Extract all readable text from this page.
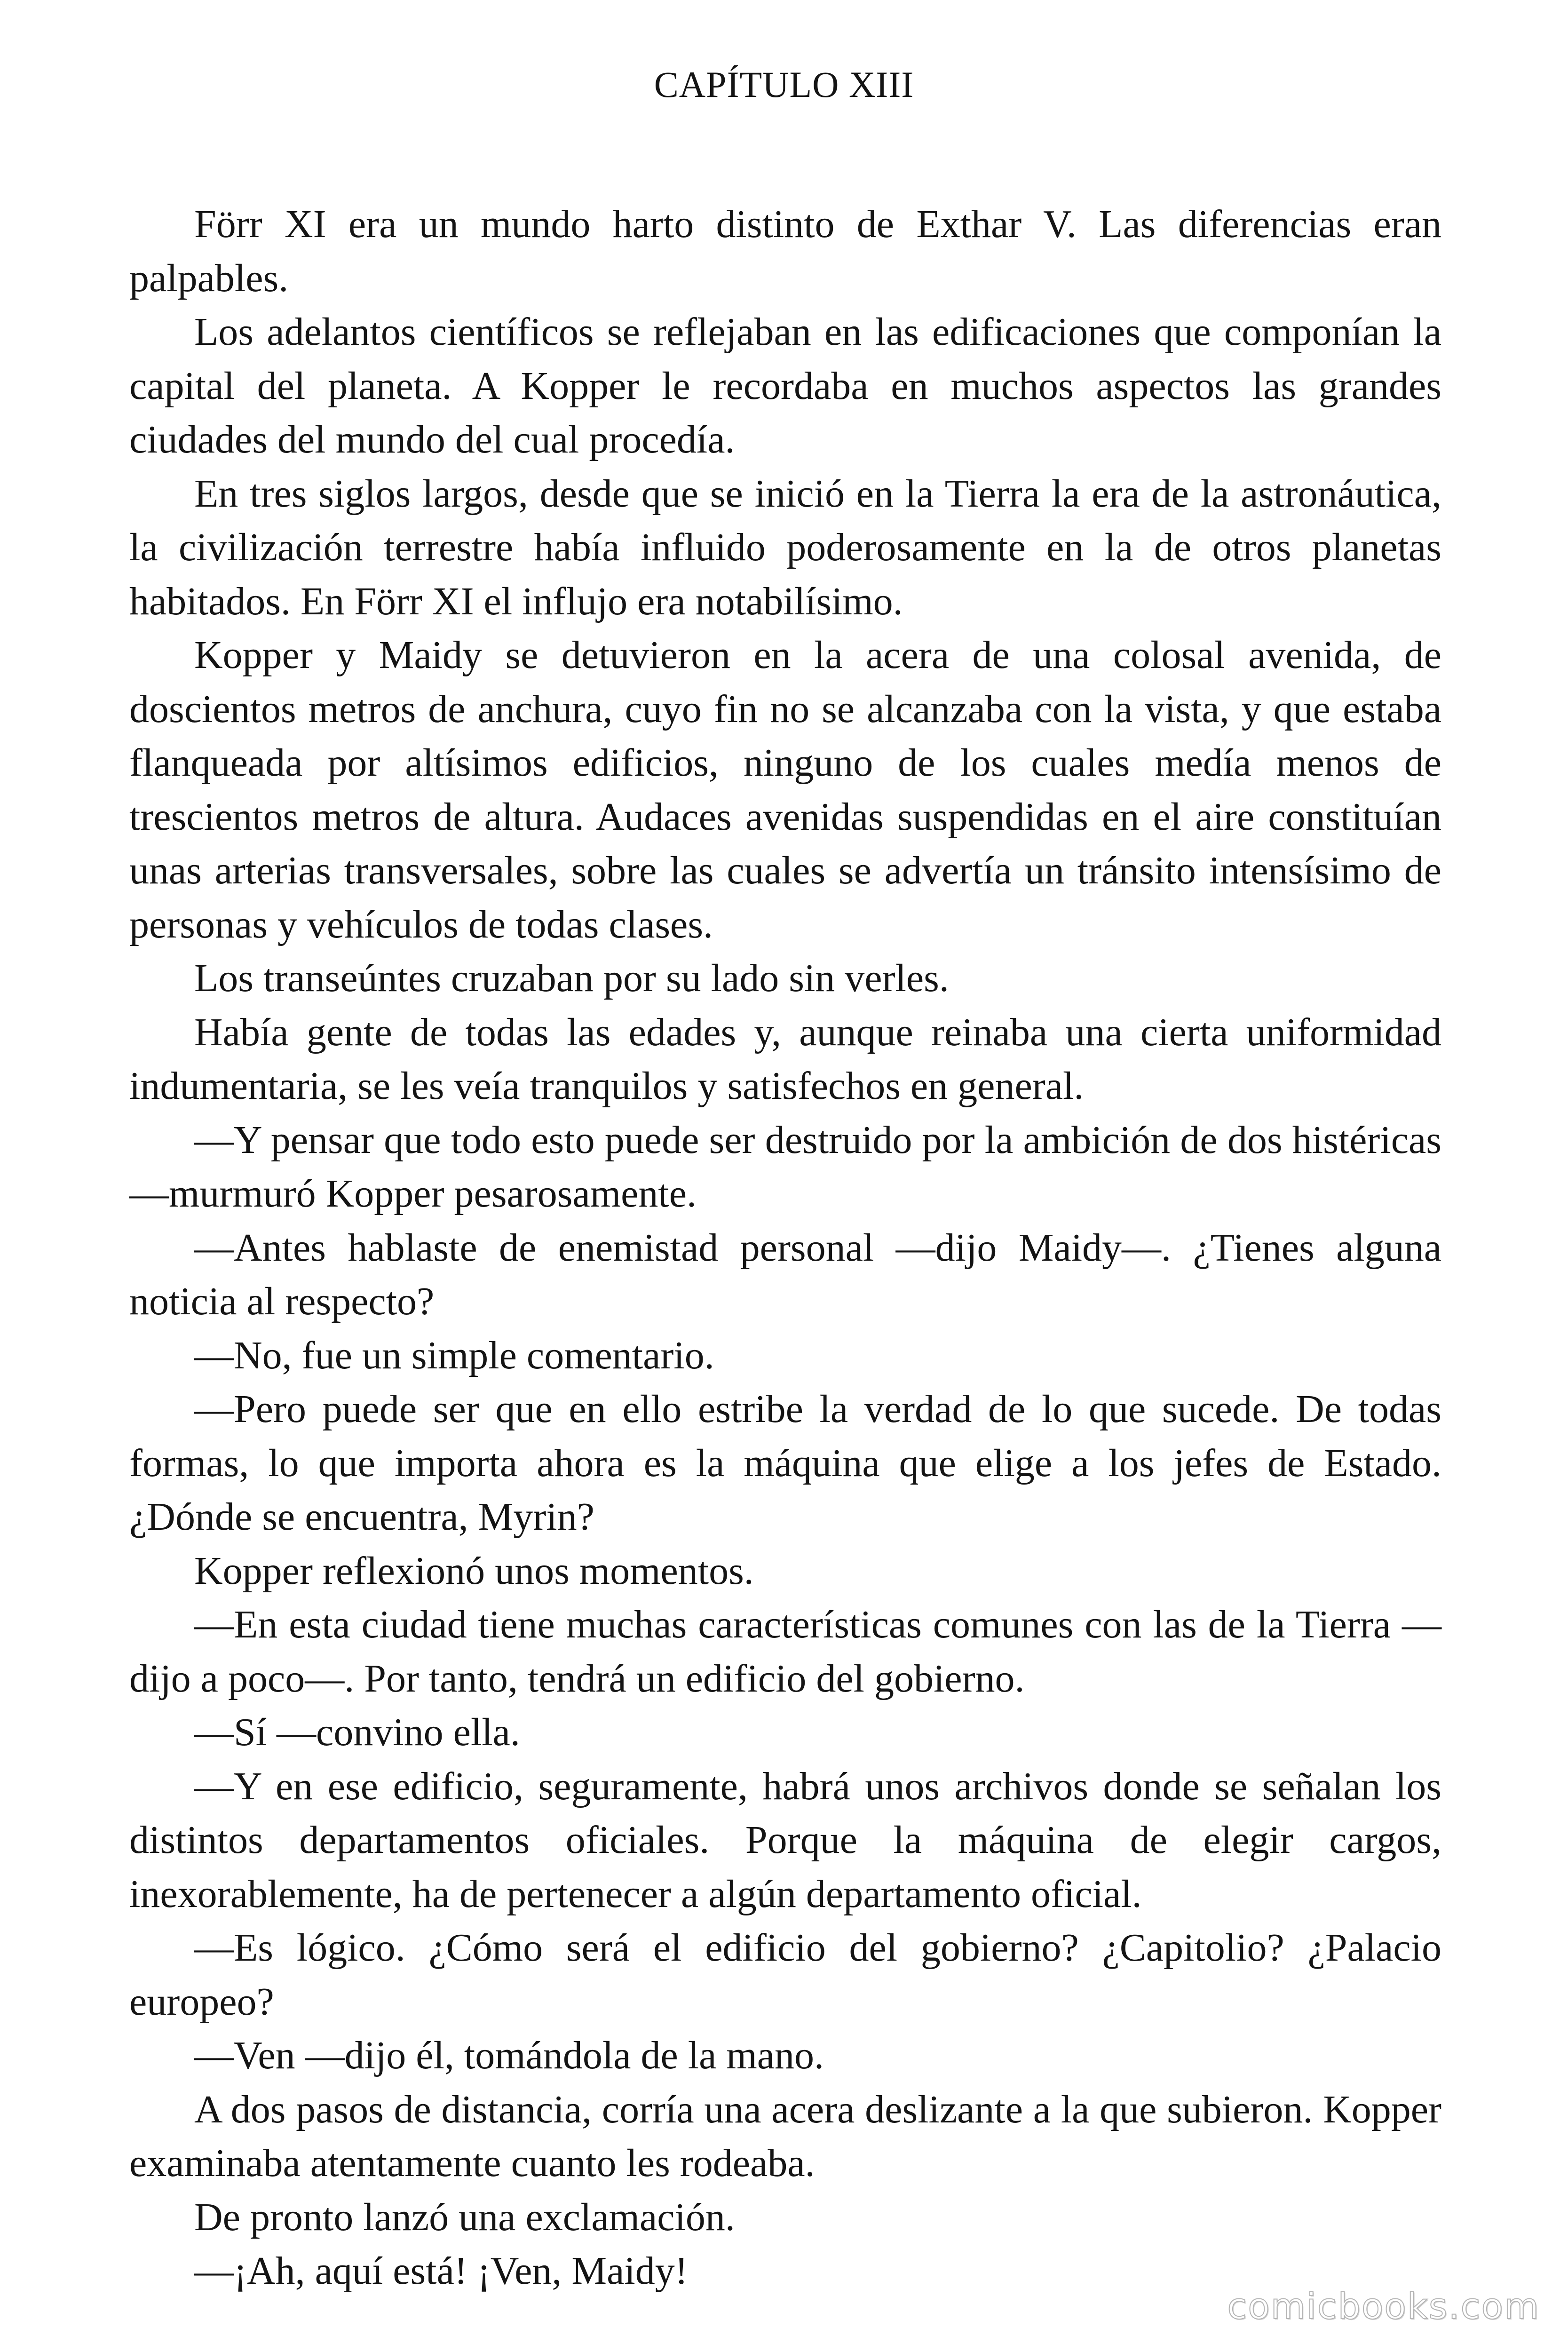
CAPÍTULO XIII

Förr XI era un mundo harto distinto de Exthar V. Las diferencias eran palpables.

Los adelantos científicos se reflejaban en las edificaciones que componían la capital del planeta. A Kopper le recordaba en muchos aspectos las grandes ciudades del mundo del cual procedía.

En tres siglos largos, desde que se inició en la Tierra la era de la astronáutica, la civilización terrestre había influido poderosamente en la de otros planetas habitados. En Förr XI el influjo era notabilísimo.

Kopper y Maidy se detuvieron en la acera de una colosal avenida, de doscientos metros de anchura, cuyo fin no se alcanzaba con la vista, y que estaba flanqueada por altísimos edificios, ninguno de los cuales medía menos de trescientos metros de altura. Audaces avenidas suspendidas en el aire constituían unas arterias transversales, sobre las cuales se advertía un tránsito intensísimo de personas y vehículos de todas clases.

Los transeúntes cruzaban por su lado sin verles.

Había gente de todas las edades y, aunque reinaba una cierta uniformidad indumentaria, se les veía tranquilos y satisfechos en general.

—Y pensar que todo esto puede ser destruido por la ambición de dos histéricas —murmuró Kopper pesarosamente.

—Antes hablaste de enemistad personal —dijo Maidy—. ¿Tienes alguna noticia al respecto?

—No, fue un simple comentario.

—Pero puede ser que en ello estribe la verdad de lo que sucede. De todas formas, lo que importa ahora es la máquina que elige a los jefes de Estado. ¿Dónde se encuentra, Myrin?

Kopper reflexionó unos momentos.

—En esta ciudad tiene muchas características comunes con las de la Tierra —dijo a poco—. Por tanto, tendrá un edificio del gobierno.

—Sí —convino ella.

—Y en ese edificio, seguramente, habrá unos archivos donde se señalan los distintos departamentos oficiales. Porque la máquina de elegir cargos, inexorablemente, ha de pertenecer a algún departamento oficial.

—Es lógico. ¿Cómo será el edificio del gobierno? ¿Capitolio? ¿Palacio europeo?

—Ven —dijo él, tomándola de la mano.

A dos pasos de distancia, corría una acera deslizante a la que subieron. Kopper examinaba atentamente cuanto les rodeaba.

De pronto lanzó una exclamación.

—¡Ah, aquí está! ¡Ven, Maidy!

comicbooks.com
